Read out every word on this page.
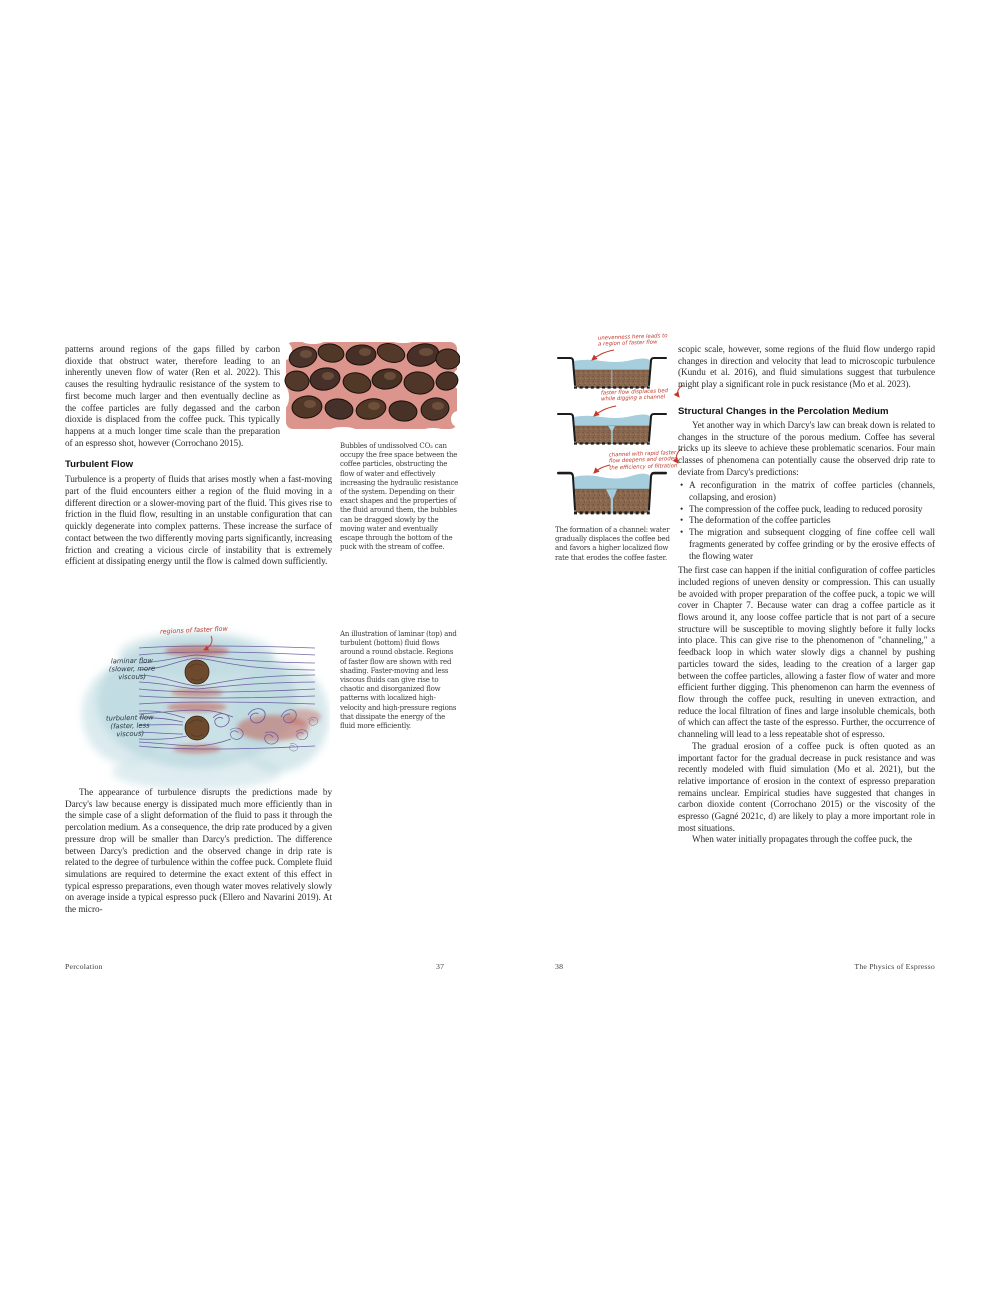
patterns around regions of the gaps filled by carbon dioxide that obstruct water, therefore leading to an inherently uneven flow of water (Ren et al. 2022). This causes the resulting hydraulic resistance of the system to first become much larger and then eventually decline as the coffee particles are fully degassed and the carbon dioxide is displaced from the coffee puck. This typically happens at a much longer time scale than the preparation of an espresso shot, however (Corrochano 2015).
Turbulent Flow
Turbulence is a property of fluids that arises mostly when a fast-moving part of the fluid encounters either a region of the fluid moving in a different direction or a slower-moving part of the fluid. This gives rise to friction in the fluid flow, resulting in an unstable configuration that can quickly degenerate into complex patterns. These increase the surface of contact between the two differently moving parts significantly, increasing friction and creating a vicious circle of instability that is extremely efficient at dissipating energy until the flow is calmed down sufficiently.
Bubbles of undissolved CO₂ can occupy the free space between the coffee particles, obstructing the flow of water and effectively increasing the hydraulic resistance of the system. Depending on their exact shapes and the properties of the fluid around them, the bubbles can be dragged slowly by the moving water and eventually escape through the bottom of the puck with the stream of coffee.
regions of faster flow
laminar flow
(slower, more
viscous)
turbulent flow
(faster, less
viscous)
An illustration of laminar (top) and turbulent (bottom) fluid flows around a round obstacle. Regions of faster flow are shown with red shading. Faster-moving and less viscous fluids can give rise to chaotic and disorganized flow patterns with localized high-velocity and high-pressure regions that dissipate the energy of the fluid more efficiently.
The appearance of turbulence disrupts the predictions made by Darcy's law because energy is dissipated much more efficiently than in the simple case of a slight deformation of the fluid to pass it through the percolation medium. As a consequence, the drip rate produced by a given pressure drop will be smaller than Darcy's prediction. The difference between Darcy's prediction and the observed change in drip rate is related to the degree of turbulence within the coffee puck. Complete fluid simulations are required to determine the exact extent of this effect in typical espresso preparations, even though water moves relatively slowly on average inside a typical espresso puck (Ellero and Navarini 2019). At the micro-
Percolation	37
unevenness here leads to
a region of faster flow
faster flow displaces bed
while digging a channel
channel with rapid faster
flow deepens and erodes
the efficiency of filtration
The formation of a channel: water gradually displaces the coffee bed and favors a higher localized flow rate that erodes the coffee faster.
scopic scale, however, some regions of the fluid flow undergo rapid changes in direction and velocity that lead to microscopic turbulence (Kundu et al. 2016), and fluid simulations suggest that turbulence might play a significant role in puck resistance (Mo et al. 2023).
Structural Changes in the Percolation Medium
Yet another way in which Darcy's law can break down is related to changes in the structure of the porous medium. Coffee has several tricks up its sleeve to achieve these problematic scenarios. Four main classes of phenomena can potentially cause the observed drip rate to deviate from Darcy's predictions:
• A reconfiguration in the matrix of coffee particles (channels, collapsing, and erosion)
• The compression of the coffee puck, leading to reduced porosity
• The deformation of the coffee particles
• The migration and subsequent clogging of fine coffee cell wall fragments generated by coffee grinding or by the erosive effects of the flowing water
The first case can happen if the initial configuration of coffee particles included regions of uneven density or compression. This can usually be avoided with proper preparation of the coffee puck, a topic we will cover in Chapter 7. Because water can drag a coffee particle as it flows around it, any loose coffee particle that is not part of a secure structure will be susceptible to moving slightly before it fully locks into place. This can give rise to the phenomenon of "channeling," a feedback loop in which water slowly digs a channel by pushing particles toward the sides, leading to the creation of a larger gap between the coffee particles, allowing a faster flow of water and more efficient further digging. This phenomenon can harm the evenness of flow through the coffee puck, resulting in uneven extraction, and reduce the local filtration of fines and large insoluble chemicals, both of which can affect the taste of the espresso. Further, the occurrence of channeling will lead to a less repeatable shot of espresso.
The gradual erosion of a coffee puck is often quoted as an important factor for the gradual decrease in puck resistance and was recently modeled with fluid simulation (Mo et al. 2021), but the relative importance of erosion in the context of espresso preparation remains unclear. Empirical studies have suggested that changes in carbon dioxide content (Corrochano 2015) or the viscosity of the espresso (Gagné 2021c, d) are likely to play a more important role in most situations.
When water initially propagates through the coffee puck, the
38	The Physics of Espresso
